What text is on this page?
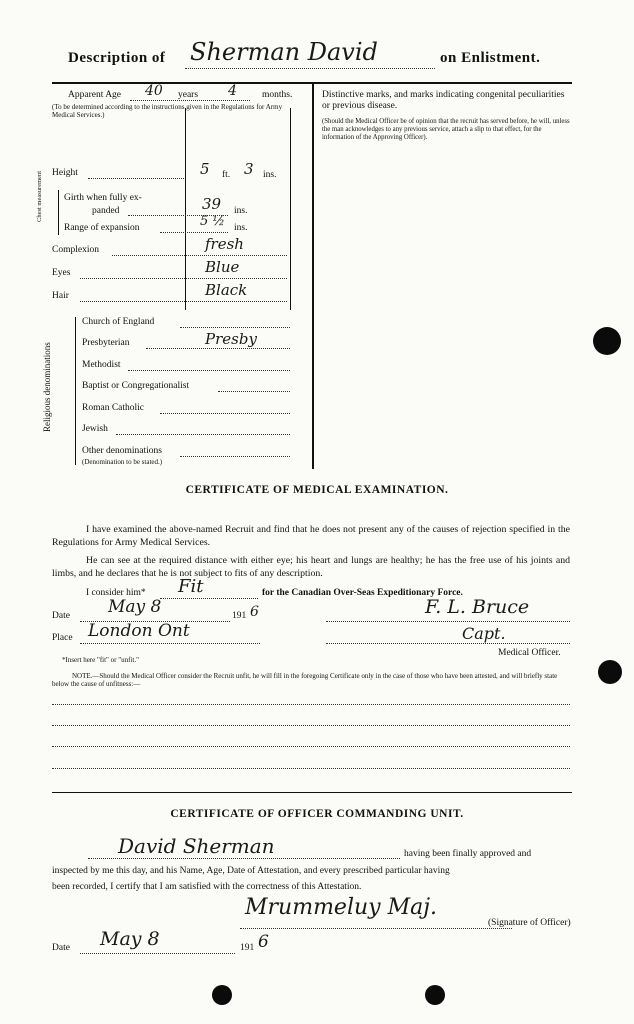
Description of Sherman David	on Enlistment.
Apparent Age 40 years 4	months.
(To be determined according to the instructions given in the Regulations for Army Medical Services.)
Height	5 ft. 3 ins.
Chest measurement Girth when fully ex-
panded	39 ins.
Range of expansion	5 ½ ins.
Complexion	fresh
Eyes	Blue
Hair	Black
Religious denominations
Church of England
Presbyterian	Presby
Methodist
Baptist or Congregationalist
Roman Catholic
Jewish
Other denominations
(Denomination to be stated.)
Distinctive marks, and marks indicating congenital peculiarities or previous disease.
(Should the Medical Officer be of opinion that the recruit has served before, he will, unless the man acknowledges to any previous service, attach a slip to that effect, for the information of the Approving Officer).
CERTIFICATE OF MEDICAL EXAMINATION.
I have examined the above-named Recruit and find that he does not present any of the causes of rejection specified in the Regulations for Army Medical Services.
He can see at the required distance with either eye; his heart and lungs are healthy; he has the free use of his joints and limbs, and he declares that he is not subject to fits of any description.
I consider him* Fit	for the Canadian Over-Seas Expeditionary Force.
Date May 8	191 6
Place London Ont
F. L. Bruce
Capt.
Medical Officer.
*Insert here "fit" or "unfit."
NOTE.—Should the Medical Officer consider the Recruit unfit, he will fill in the foregoing Certificate only in the case of those who have been attested, and will briefly state below the cause of unfitness:—
CERTIFICATE OF OFFICER COMMANDING UNIT.
David Sherman	having been finally approved and
inspected by me this day, and his Name, Age, Date of Attestation, and every prescribed particular having
been recorded, I certify that I am satisfied with the correctness of this Attestation.
Mrummeluy Maj.
(Signature of Officer)
Date May 8	191 6
